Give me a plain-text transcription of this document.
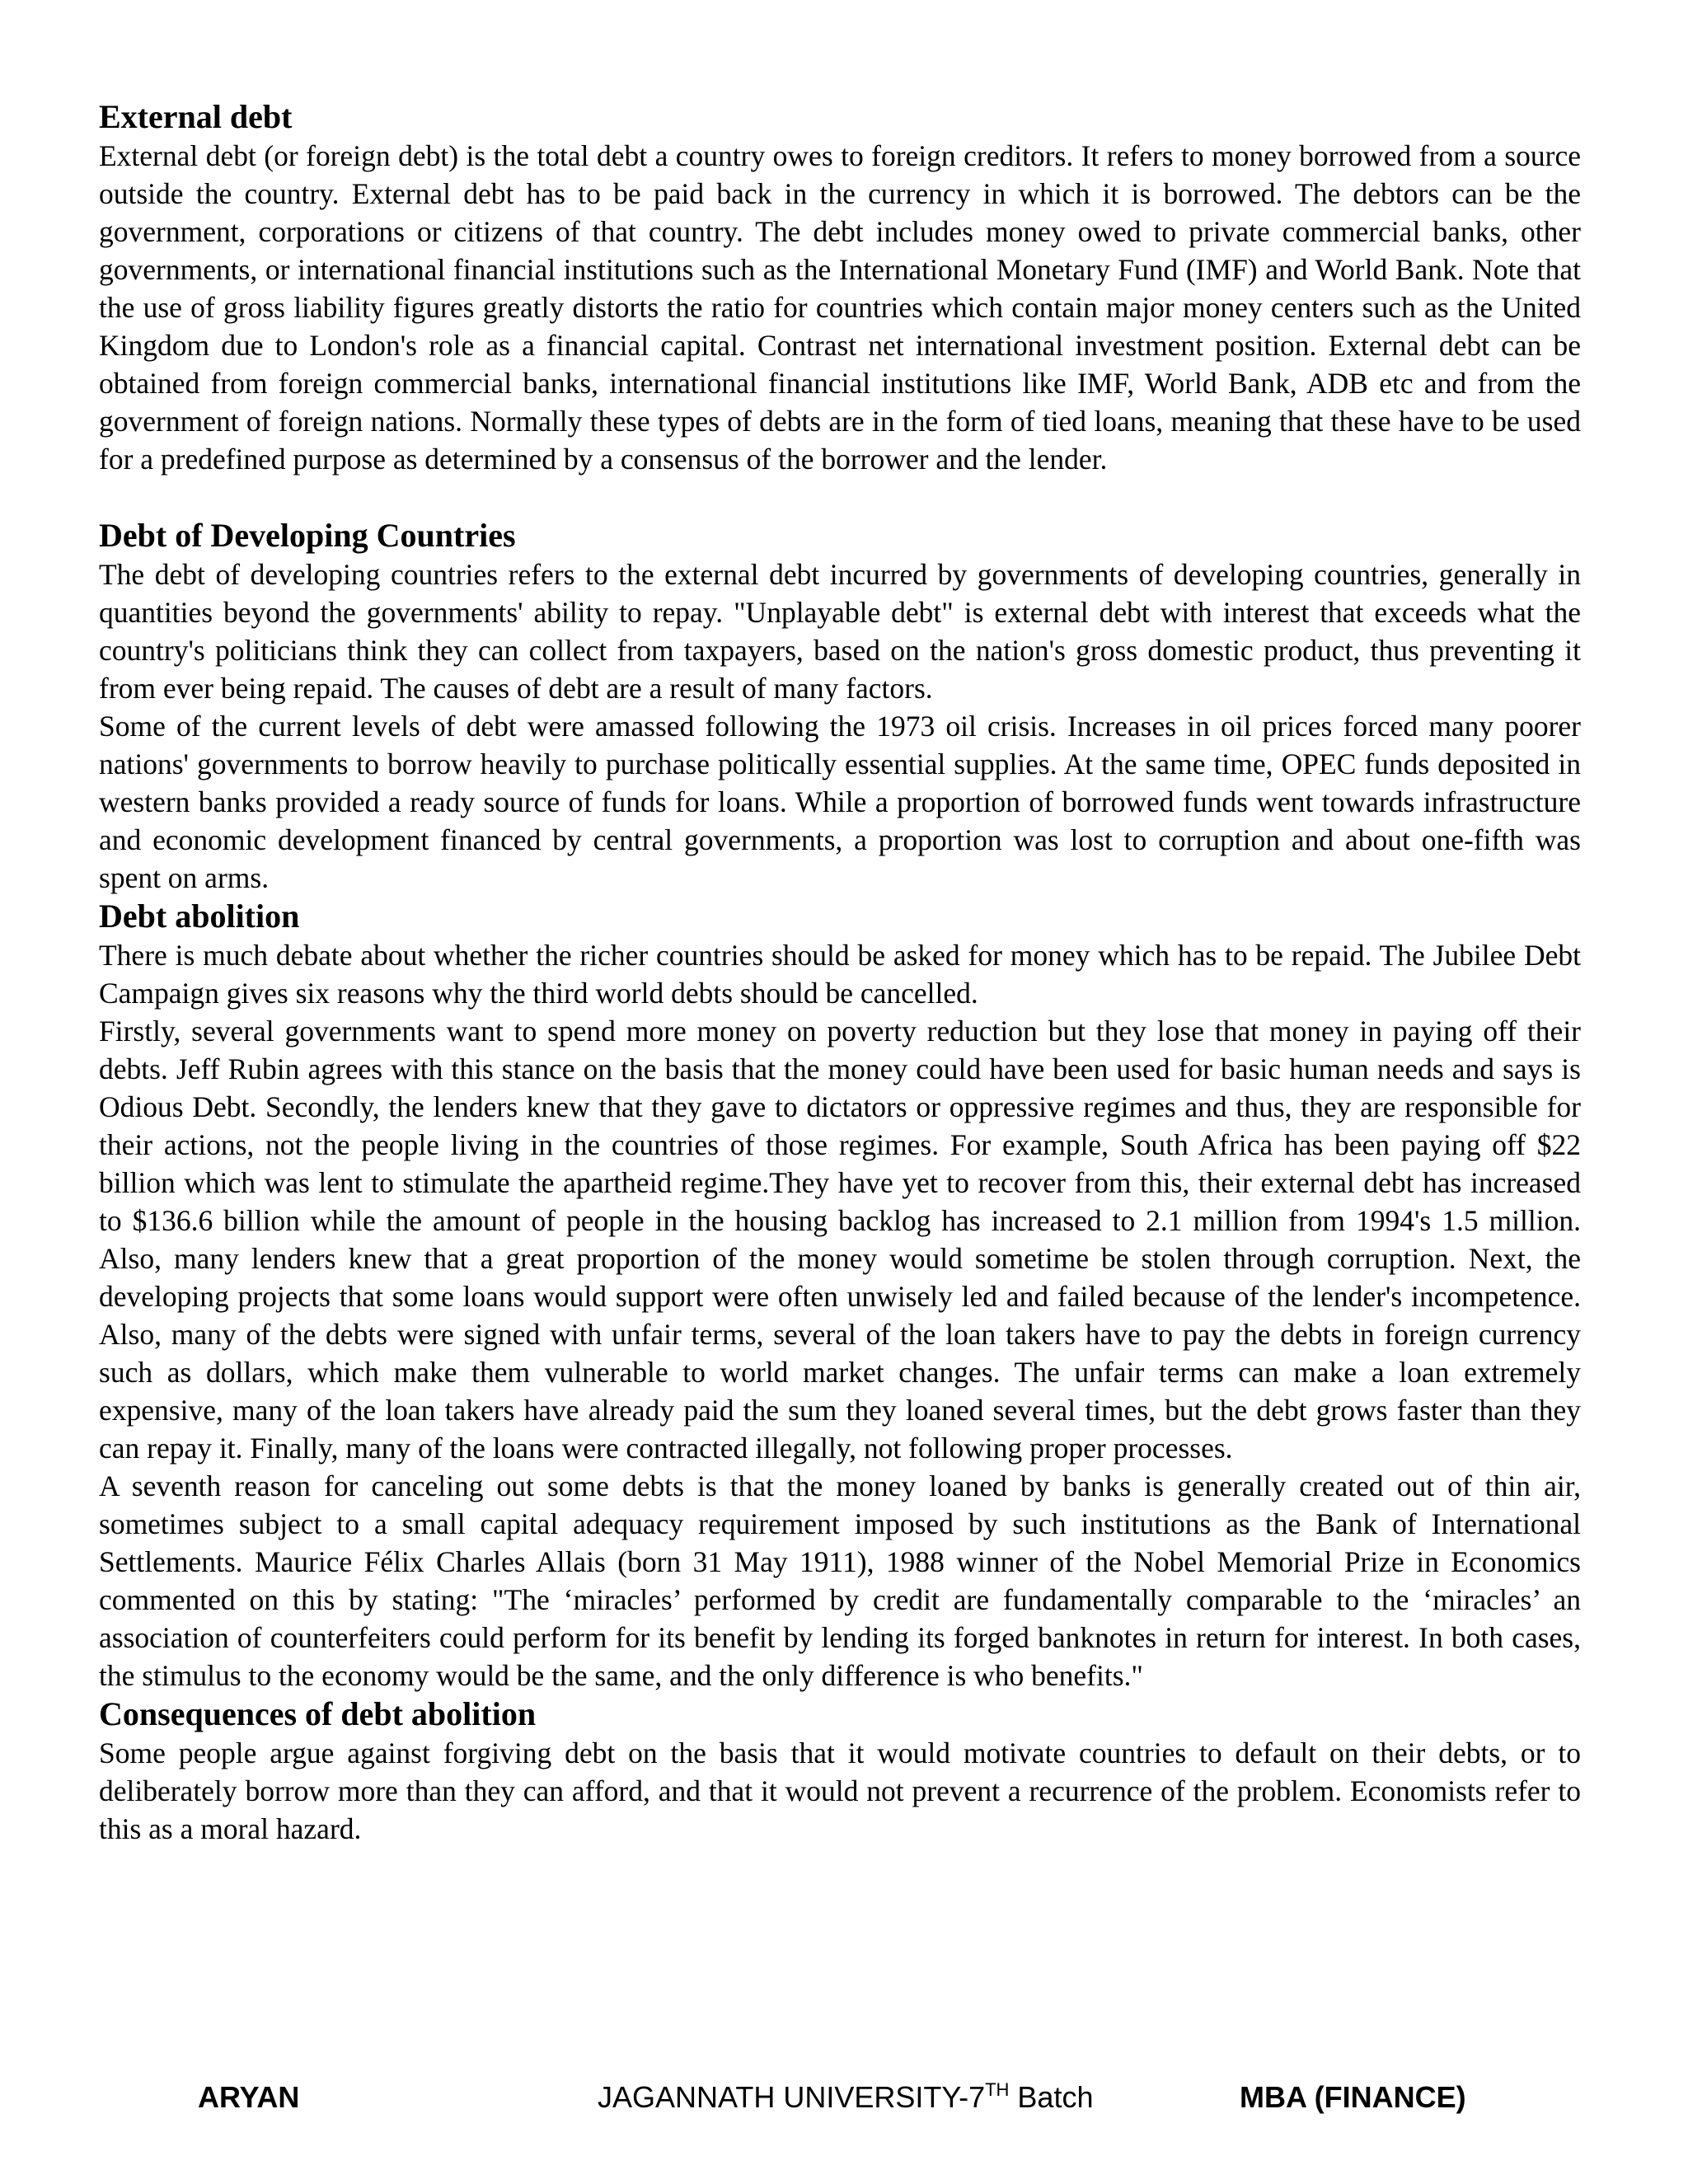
External debt

External debt (or foreign debt) is the total debt a country owes to foreign creditors. It refers to money borrowed from a source outside the country. External debt has to be paid back in the currency in which it is borrowed. The debtors can be the government, corporations or citizens of that country. The debt includes money owed to private commercial banks, other governments, or international financial institutions such as the International Monetary Fund (IMF) and World Bank. Note that the use of gross liability figures greatly distorts the ratio for countries which contain major money centers such as the United Kingdom due to London's role as a financial capital. Contrast net international investment position. External debt can be obtained from foreign commercial banks, international financial institutions like IMF, World Bank, ADB etc and from the government of foreign nations. Normally these types of debts are in the form of tied loans, meaning that these have to be used for a predefined purpose as determined by a consensus of the borrower and the lender.

Debt of Developing Countries

The debt of developing countries refers to the external debt incurred by governments of developing countries, generally in quantities beyond the governments' ability to repay. "Unplayable debt" is external debt with interest that exceeds what the country's politicians think they can collect from taxpayers, based on the nation's gross domestic product, thus preventing it from ever being repaid. The causes of debt are a result of many factors.

Some of the current levels of debt were amassed following the 1973 oil crisis. Increases in oil prices forced many poorer nations' governments to borrow heavily to purchase politically essential supplies. At the same time, OPEC funds deposited in western banks provided a ready source of funds for loans. While a proportion of borrowed funds went towards infrastructure and economic development financed by central governments, a proportion was lost to corruption and about one-fifth was spent on arms.

Debt abolition

There is much debate about whether the richer countries should be asked for money which has to be repaid. The Jubilee Debt Campaign gives six reasons why the third world debts should be cancelled.

Firstly, several governments want to spend more money on poverty reduction but they lose that money in paying off their debts. Jeff Rubin agrees with this stance on the basis that the money could have been used for basic human needs and says is Odious Debt. Secondly, the lenders knew that they gave to dictators or oppressive regimes and thus, they are responsible for their actions, not the people living in the countries of those regimes. For example, South Africa has been paying off $22 billion which was lent to stimulate the apartheid regime.They have yet to recover from this, their external debt has increased to $136.6 billion while the amount of people in the housing backlog has increased to 2.1 million from 1994's 1.5 million. Also, many lenders knew that a great proportion of the money would sometime be stolen through corruption. Next, the developing projects that some loans would support were often unwisely led and failed because of the lender's incompetence. Also, many of the debts were signed with unfair terms, several of the loan takers have to pay the debts in foreign currency such as dollars, which make them vulnerable to world market changes. The unfair terms can make a loan extremely expensive, many of the loan takers have already paid the sum they loaned several times, but the debt grows faster than they can repay it. Finally, many of the loans were contracted illegally, not following proper processes.

A seventh reason for canceling out some debts is that the money loaned by banks is generally created out of thin air, sometimes subject to a small capital adequacy requirement imposed by such institutions as the Bank of International Settlements. Maurice Félix Charles Allais (born 31 May 1911), 1988 winner of the Nobel Memorial Prize in Economics commented on this by stating: "The ‘miracles’ performed by credit are fundamentally comparable to the ‘miracles’ an association of counterfeiters could perform for its benefit by lending its forged banknotes in return for interest. In both cases, the stimulus to the economy would be the same, and the only difference is who benefits."

Consequences of debt abolition

Some people argue against forgiving debt on the basis that it would motivate countries to default on their debts, or to deliberately borrow more than they can afford, and that it would not prevent a recurrence of the problem. Economists refer to this as a moral hazard.

ARYAN	JAGANNATH UNIVERSITY-7TH Batch	MBA (FINANCE)
